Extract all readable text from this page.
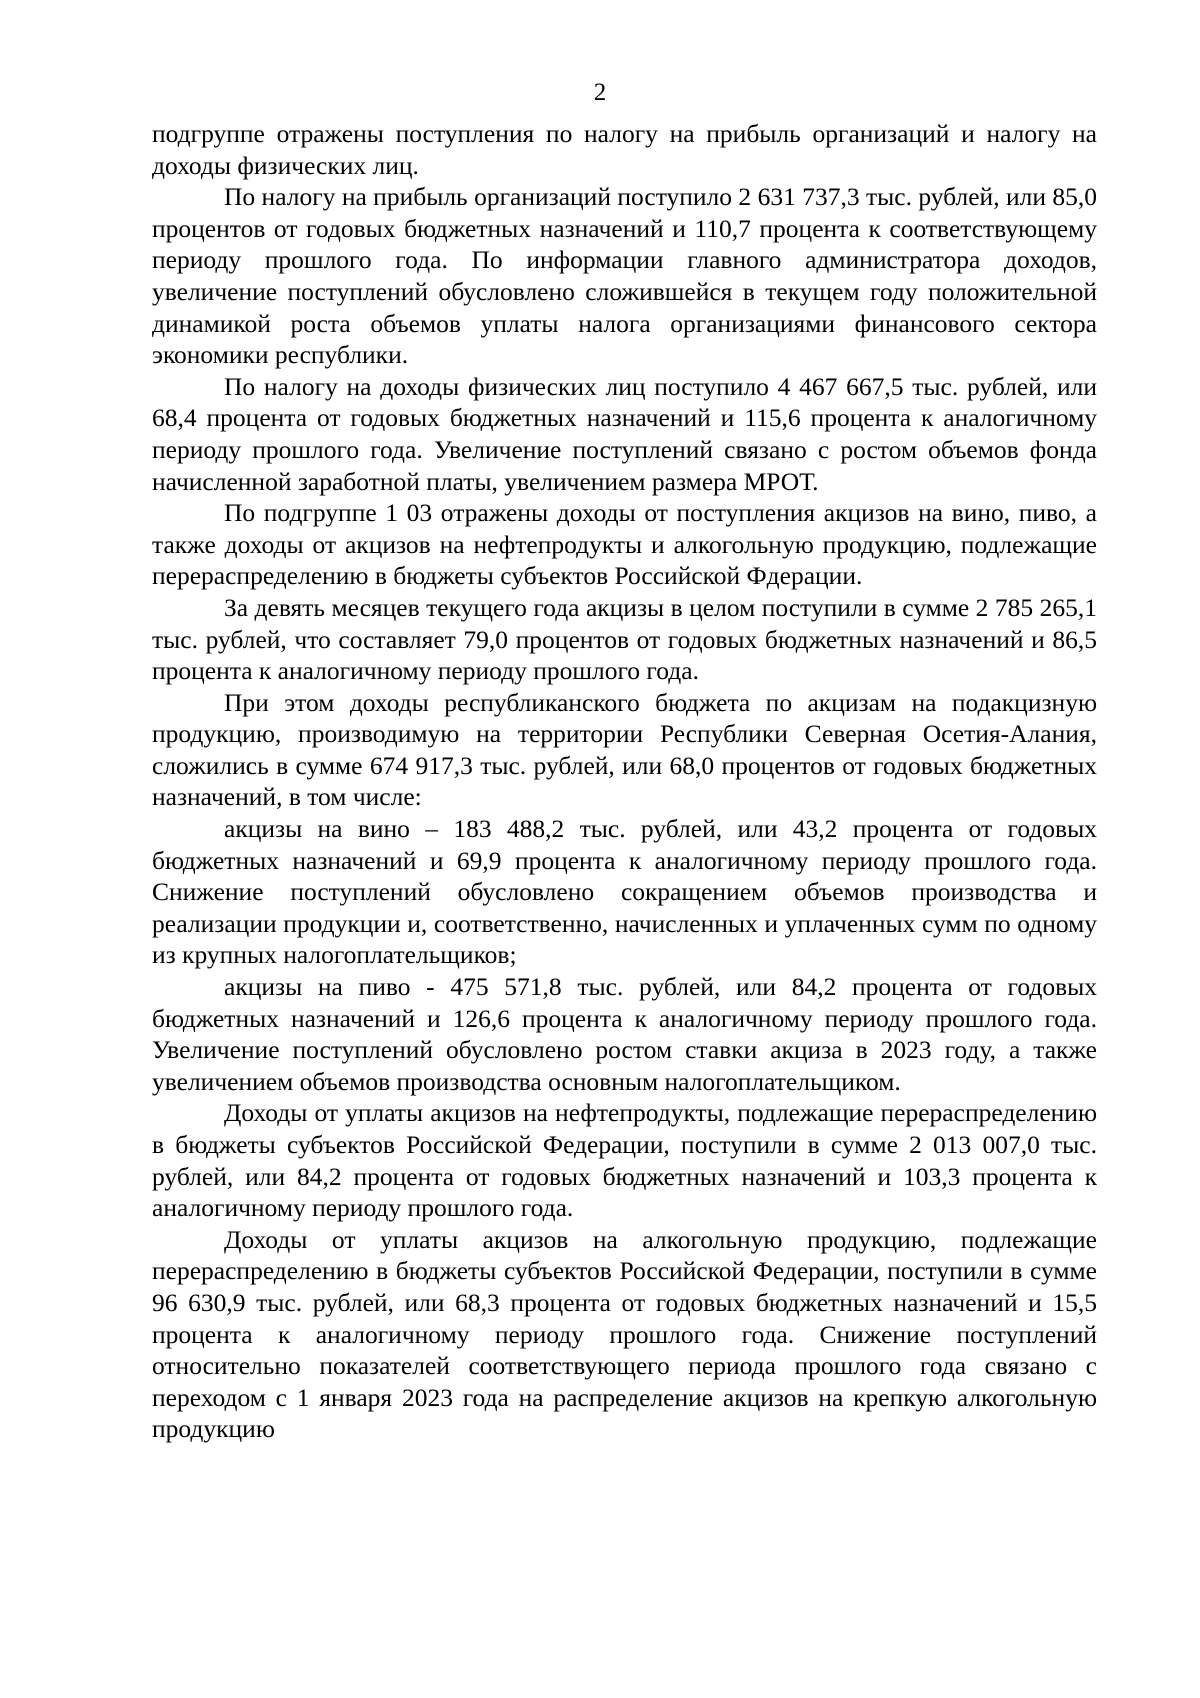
2

подгруппе отражены поступления по налогу на прибыль организаций и налогу на доходы физических лиц.

По налогу на прибыль организаций поступило 2 631 737,3 тыс. рублей, или 85,0 процентов от годовых бюджетных назначений и 110,7 процента к соответствующему периоду прошлого года. По информации главного администратора доходов, увеличение поступлений обусловлено сложившейся в текущем году положительной динамикой роста объемов уплаты налога организациями финансового сектора экономики республики.

По налогу на доходы физических лиц поступило 4 467 667,5 тыс. рублей, или 68,4 процента от годовых бюджетных назначений и 115,6 процента к аналогичному периоду прошлого года. Увеличение поступлений связано с ростом объемов фонда начисленной заработной платы, увеличением размера МРОТ.

По подгруппе 1 03 отражены доходы от поступления акцизов на вино, пиво, а также доходы от акцизов на нефтепродукты и алкогольную продукцию, подлежащие перераспределению в бюджеты субъектов Российской Фдерации.

За девять месяцев текущего года акцизы в целом поступили в сумме 2 785 265,1 тыс. рублей, что составляет 79,0 процентов от годовых бюджетных назначений и 86,5 процента к аналогичному периоду прошлого года.

При этом доходы республиканского бюджета по акцизам на подакцизную продукцию, производимую на территории Республики Северная Осетия-Алания, сложились в сумме 674 917,3 тыс. рублей, или 68,0 процентов от годовых бюджетных назначений, в том числе:

акцизы на вино – 183 488,2 тыс. рублей, или 43,2 процента от годовых бюджетных назначений и 69,9 процента к аналогичному периоду прошлого года. Снижение поступлений обусловлено сокращением объемов производства и реализации продукции и, соответственно, начисленных и уплаченных сумм по одному из крупных налогоплательщиков;

акцизы на пиво - 475 571,8 тыс. рублей, или 84,2 процента от годовых бюджетных назначений и 126,6 процента к аналогичному периоду прошлого года. Увеличение поступлений обусловлено ростом ставки акциза в 2023 году, а также увеличением объемов производства основным налогоплательщиком.

Доходы от уплаты акцизов на нефтепродукты, подлежащие перераспределению в бюджеты субъектов Российской Федерации, поступили в сумме 2 013 007,0 тыс. рублей, или 84,2 процента от годовых бюджетных назначений и 103,3 процента к аналогичному периоду прошлого года.

Доходы от уплаты акцизов на алкогольную продукцию, подлежащие перераспределению в бюджеты субъектов Российской Федерации, поступили в сумме 96 630,9 тыс. рублей, или 68,3 процента от годовых бюджетных назначений и 15,5 процента к аналогичному периоду прошлого года. Снижение поступлений относительно показателей соответствующего периода прошлого года связано с переходом с 1 января 2023 года на распределение акцизов на крепкую алкогольную продукцию
